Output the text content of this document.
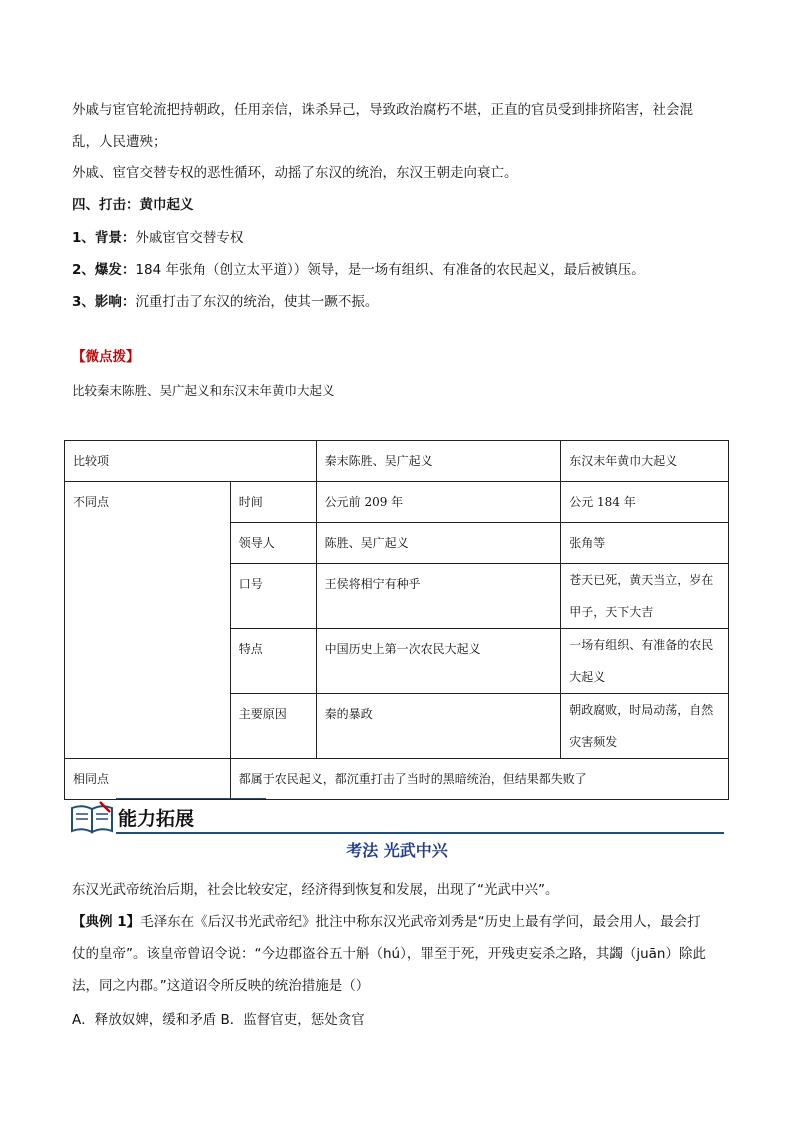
外戚与宦官轮流把持朝政，任用亲信，诛杀异己，导致政治腐朽不堪，正直的官员受到排挤陷害，社会混
乱，人民遭殃；
外戚、宦官交替专权的恶性循环，动摇了东汉的统治，东汉王朝走向衰亡。
四、打击：黄巾起义
1、背景：外戚宦官交替专权
2、爆发：184 年张角（创立太平道））领导，是一场有组织、有准备的农民起义，最后被镇压。
3、影响：沉重打击了东汉的统治，使其一蹶不振。
【微点拨】
比较秦末陈胜、吴广起义和东汉末年黄巾大起义
比较项		秦末陈胜、吴广起义	东汉末年黄巾大起义
不同点	时间	公元前 209 年	公元 184 年
	领导人	陈胜、吴广起义	张角等
	口号	王侯将相宁有种乎	苍天已死，黄天当立，岁在甲子，天下大吉
	特点	中国历史上第一次农民大起义	一场有组织、有准备的农民大起义
	主要原因	秦的暴政	朝政腐败，时局动荡，自然灾害频发
相同点	都属于农民起义，都沉重打击了当时的黑暗统治，但结果都失败了		
能力拓展
考法 光武中兴
东汉光武帝统治后期，社会比较安定，经济得到恢复和发展，出现了“光武中兴”。
【典例 1】毛泽东在《后汉书光武帝纪》批注中称东汉光武帝刘秀是“历史上最有学问，最会用人，最会打
仗的皇帝”。该皇帝曾诏令说：“今边郡盗谷五十斛（hú），罪至于死，开残吏妄杀之路，其蠲（juān）除此
法，同之内郡。”这道诏令所反映的统治措施是（）
A．释放奴婢，缓和矛盾 B．监督官吏，惩处贪官
